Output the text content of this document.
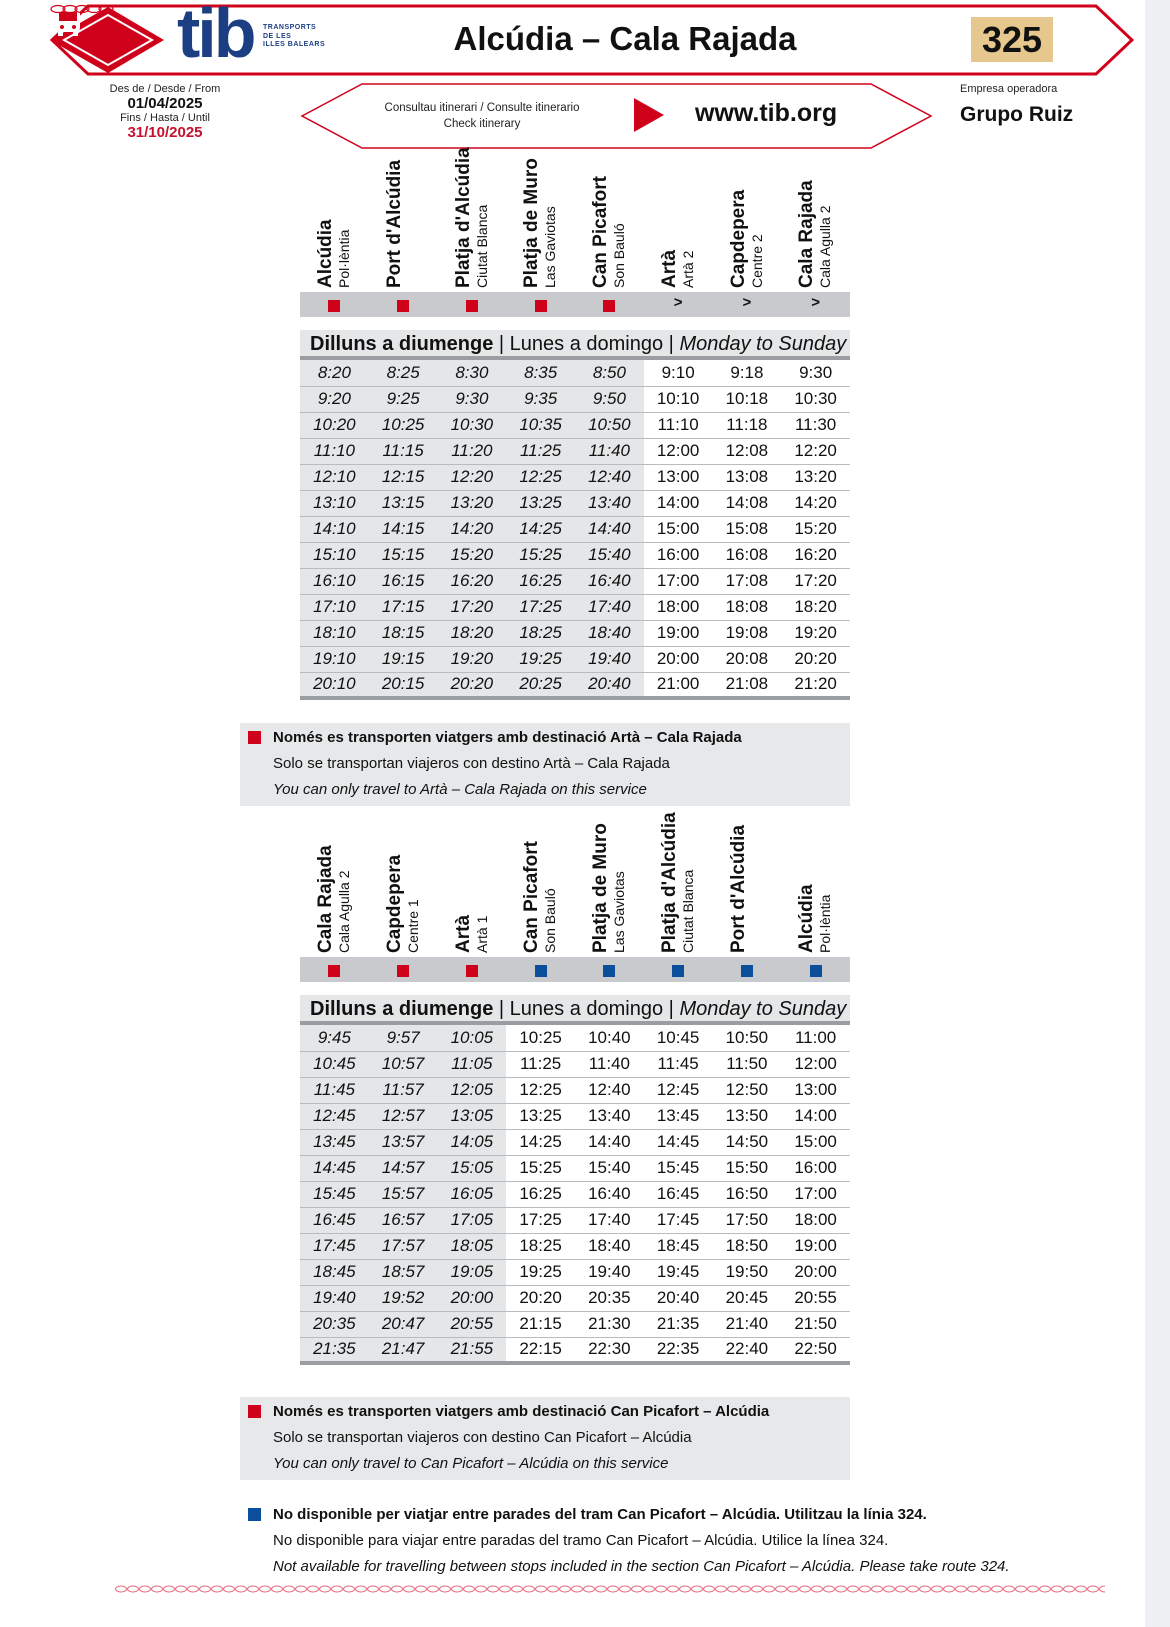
tib TRANSPORTS
DE LES
ILLES BALEARS	Alcúdia – Cala Rajada	325
Des de / Desde / From
01/04/2025
Fins / Hasta / Until
31/10/2025
Consultau itinerari / Consulte itinerario
Check itinerary	www.tib.org
Empresa operadora
Grupo Ruiz
Alcúdia Pol·lèntia Port d'Alcúdia	Platja d'Alcúdia Ciutat Blanca Platja de Muro Las Gaviotas Can Picafort Son Bauló Artà Artà 2 Capdepera Centre 2 Cala Rajada Cala Agulla 2
>	>	>
Dilluns a diumenge | Lunes a domingo | Monday to Sunday
8:20	8:25	8:30	8:35	8:50	9:10	9:18	9:30
9:20	9:25	9:30	9:35	9:50	10:10	10:18	10:30
10:20	10:25	10:30	10:35	10:50	11:10	11:18	11:30
11:10	11:15	11:20	11:25	11:40	12:00	12:08	12:20
12:10	12:15	12:20	12:25	12:40	13:00	13:08	13:20
13:10	13:15	13:20	13:25	13:40	14:00	14:08	14:20
14:10	14:15	14:20	14:25	14:40	15:00	15:08	15:20
15:10	15:15	15:20	15:25	15:40	16:00	16:08	16:20
16:10	16:15	16:20	16:25	16:40	17:00	17:08	17:20
17:10	17:15	17:20	17:25	17:40	18:00	18:08	18:20
18:10	18:15	18:20	18:25	18:40	19:00	19:08	19:20
19:10	19:15	19:20	19:25	19:40	20:00	20:08	20:20
20:10	20:15	20:20	20:25	20:40	21:00	21:08	21:20

Només es transporten viatgers amb destinació Artà – Cala Rajada

Solo se transportan viajeros con destino Artà – Cala Rajada

You can only travel to Artà – Cala Rajada on this service

Cala Rajada Cala Agulla 2 Capdepera Centre 1 Artà Artà 1 Can Picafort Son Bauló Platja de Muro Las Gaviotas Platja d'Alcúdia Ciutat Blanca Port d'Alcúdia	Alcúdia Pol·lèntia
Dilluns a diumenge | Lunes a domingo | Monday to Sunday
9:45	9:57	10:05	10:25	10:40	10:45	10:50	11:00
10:45	10:57	11:05	11:25	11:40	11:45	11:50	12:00
11:45	11:57	12:05	12:25	12:40	12:45	12:50	13:00
12:45	12:57	13:05	13:25	13:40	13:45	13:50	14:00
13:45	13:57	14:05	14:25	14:40	14:45	14:50	15:00
14:45	14:57	15:05	15:25	15:40	15:45	15:50	16:00
15:45	15:57	16:05	16:25	16:40	16:45	16:50	17:00
16:45	16:57	17:05	17:25	17:40	17:45	17:50	18:00
17:45	17:57	18:05	18:25	18:40	18:45	18:50	19:00
18:45	18:57	19:05	19:25	19:40	19:45	19:50	20:00
19:40	19:52	20:00	20:20	20:35	20:40	20:45	20:55
20:35	20:47	20:55	21:15	21:30	21:35	21:40	21:50
21:35	21:47	21:55	22:15	22:30	22:35	22:40	22:50

Només es transporten viatgers amb destinació Can Picafort – Alcúdia

Solo se transportan viajeros con destino Can Picafort – Alcúdia

You can only travel to Can Picafort – Alcúdia on this service

No disponible per viatjar entre parades del tram Can Picafort – Alcúdia. Utilitzau la línia 324.

No disponible para viajar entre paradas del tramo Can Picafort – Alcúdia. Utilice la línea 324.

Not available for travelling between stops included in the section Can Picafort – Alcúdia. Please take route 324.
